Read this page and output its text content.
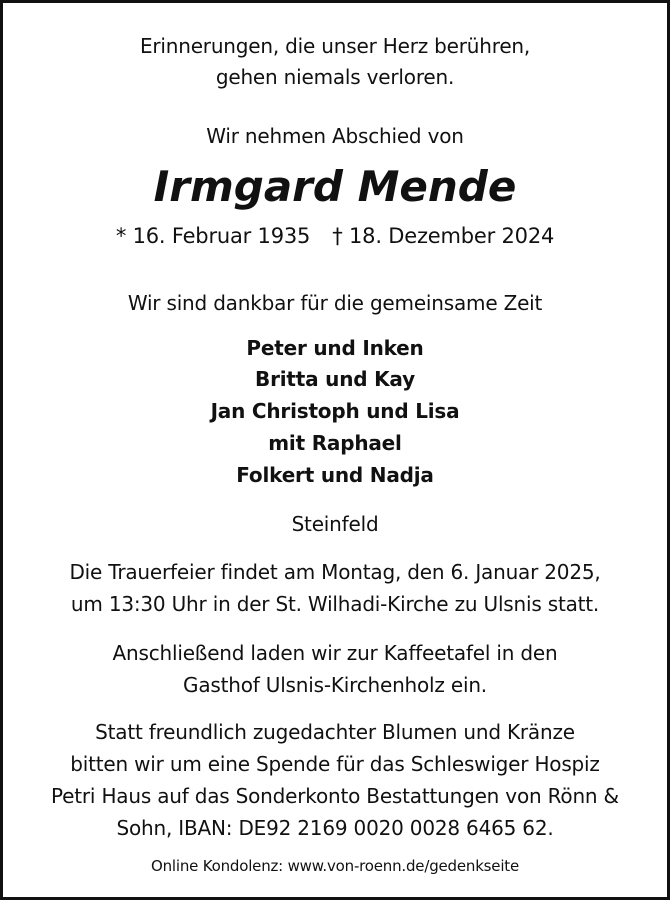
Erinnerungen, die unser Herz berühren,
gehen niemals verloren.
Wir nehmen Abschied von
Irmgard Mende
* 16. Februar 1935 † 18. Dezember 2024
Wir sind dankbar für die gemeinsame Zeit
Peter und Inken
Britta und Kay
Jan Christoph und Lisa
mit Raphael
Folkert und Nadja
Steinfeld
Die Trauerfeier findet am Montag, den 6. Januar 2025,
um 13:30 Uhr in der St. Wilhadi-Kirche zu Ulsnis statt.
Anschließend laden wir zur Kaffeetafel in den
Gasthof Ulsnis-Kirchenholz ein.
Statt freundlich zugedachter Blumen und Kränze
bitten wir um eine Spende für das Schleswiger Hospiz
Petri Haus auf das Sonderkonto Bestattungen von Rönn &
Sohn, IBAN: DE92 2169 0020 0028 6465 62.
Online Kondolenz: www.von-roenn.de/gedenkseite
